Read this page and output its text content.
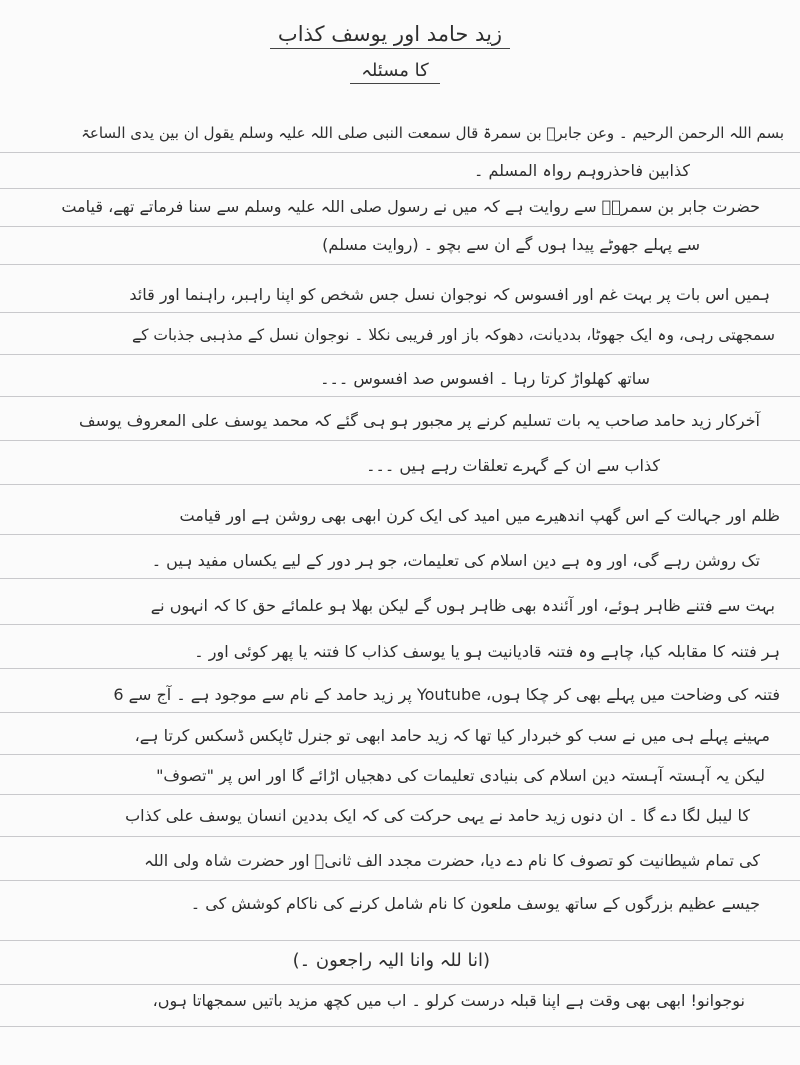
زید حامد اور یوسف کذاب
کا مسئلہ
بسم اللہ الرحمن الرحیم ۔ وعن جابرؓ بن سمرۃ قال سمعت النبی صلی اللہ علیہ وسلم یقول ان بین یدی الساعۃ
کذابین فاحذروہم رواہ المسلم ۔
حضرت جابر بن سمرہؓ سے روایت ہے کہ میں نے رسول صلی اللہ علیہ وسلم سے سنا فرماتے تھے، قیامت
سے پہلے جھوٹے پیدا ہوں گے ان سے بچو ۔ (روایت مسلم)
ہمیں اس بات پر بہت غم اور افسوس کہ نوجوان نسل جس شخص کو اپنا راہبر، راہنما اور قائد
سمجھتی رہی، وہ ایک جھوٹا، بددیانت، دھوکہ باز اور فریبی نکلا ۔ نوجوان نسل کے مذہبی جذبات کے
ساتھ کھلواڑ کرتا رہا ۔ افسوس صد افسوس ۔۔۔
آخرکار زید حامد صاحب یہ بات تسلیم کرنے پر مجبور ہو ہی گئے کہ محمد یوسف علی المعروف یوسف
کذاب سے ان کے گہرے تعلقات رہے ہیں ۔۔۔
ظلم اور جہالت کے اس گھپ اندھیرے میں امید کی ایک کرن ابھی بھی روشن ہے اور قیامت
تک روشن رہے گی، اور وہ ہے دین اسلام کی تعلیمات، جو ہر دور کے لیے یکساں مفید ہیں ۔
بہت سے فتنے ظاہر ہوئے، اور آئندہ بھی ظاہر ہوں گے لیکن بھلا ہو علمائے حق کا کہ انہوں نے
ہر فتنہ کا مقابلہ کیا، چاہے وہ فتنہ قادیانیت ہو یا یوسف کذاب کا فتنہ یا پھر کوئی اور ۔
فتنہ کی وضاحت میں پہلے بھی کر چکا ہوں، Youtube پر زید حامد کے نام سے موجود ہے ۔ آج سے 6
مہینے پہلے ہی میں نے سب کو خبردار کیا تھا کہ زید حامد ابھی تو جنرل ٹاپکس ڈسکس کرتا ہے،
لیکن یہ آہستہ آہستہ دین اسلام کی بنیادی تعلیمات کی دھجیاں اڑائے گا اور اس پر "تصوف"
کا لیبل لگا دے گا ۔ ان دنوں زید حامد نے یہی حرکت کی کہ ایک بددین انسان یوسف علی کذاب
کی تمام شیطانیت کو تصوف کا نام دے دیا، حضرت مجدد الف ثانیؒ اور حضرت شاہ ولی اللہ
جیسے عظیم بزرگوں کے ساتھ یوسف ملعون کا نام شامل کرنے کی ناکام کوشش کی ۔
(انا للہ وانا الیہ راجعون ۔)
نوجوانو! ابھی بھی وقت ہے اپنا قبلہ درست کرلو ۔ اب میں کچھ مزید باتیں سمجھاتا ہوں،
